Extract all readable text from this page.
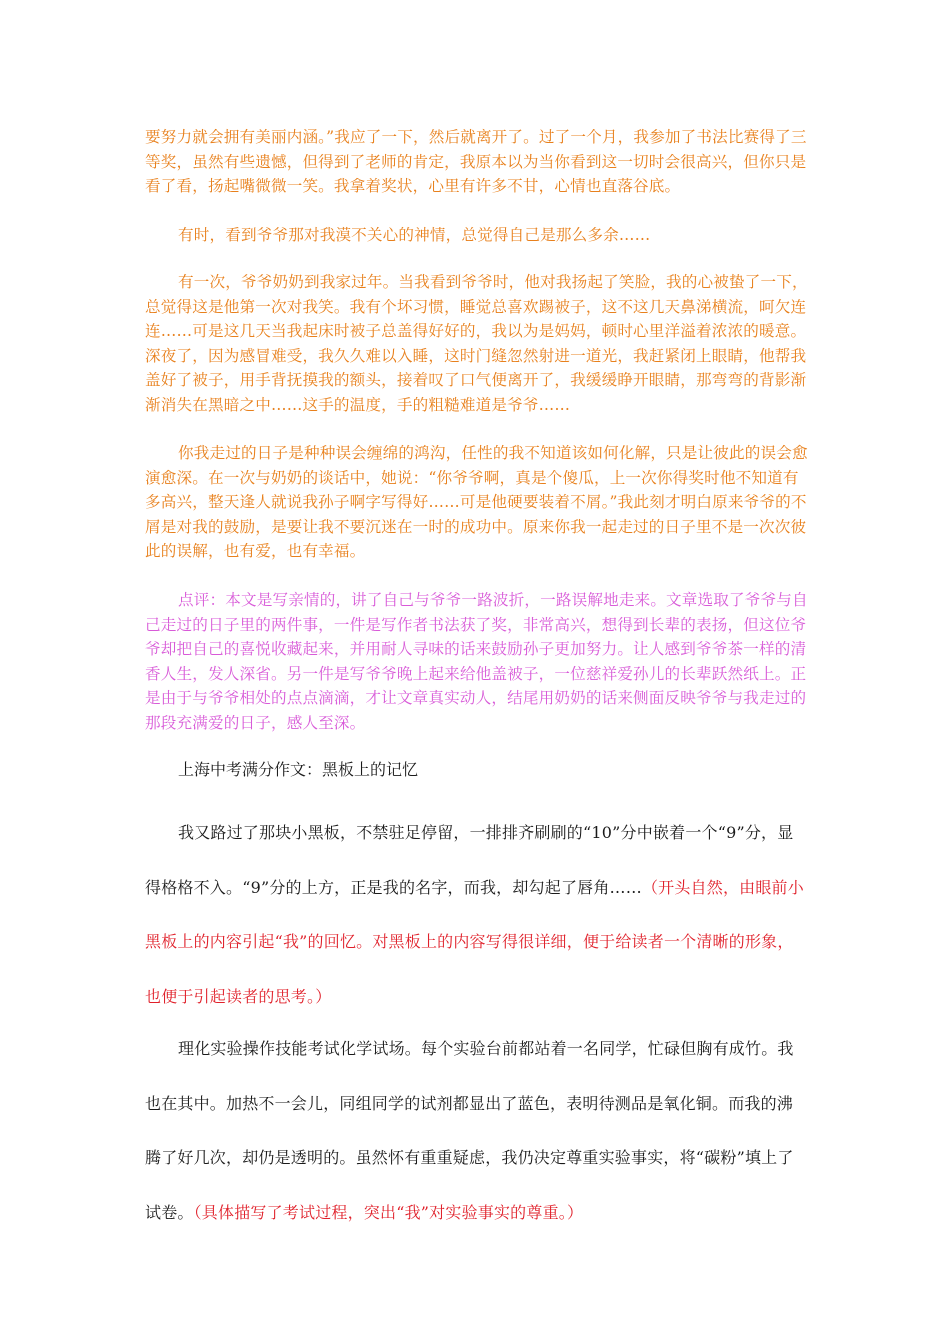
要努力就会拥有美丽内涵。”我应了一下，然后就离开了。过了一个月，我参加了书法比赛得了三等奖，虽然有些遗憾，但得到了老师的肯定，我原本以为当你看到这一切时会很高兴，但你只是看了看，扬起嘴微微一笑。我拿着奖状，心里有许多不甘，心情也直落谷底。

有时，看到爷爷那对我漠不关心的神情，总觉得自己是那么多余……

有一次，爷爷奶奶到我家过年。当我看到爷爷时，他对我扬起了笑脸，我的心被蛰了一下，总觉得这是他第一次对我笑。我有个坏习惯，睡觉总喜欢踢被子，这不这几天鼻涕横流，呵欠连连……可是这几天当我起床时被子总盖得好好的，我以为是妈妈，顿时心里洋溢着浓浓的暖意。深夜了，因为感冒难受，我久久难以入睡，这时门缝忽然射进一道光，我赶紧闭上眼睛，他帮我盖好了被子，用手背抚摸我的额头，接着叹了口气便离开了，我缓缓睁开眼睛，那弯弯的背影渐渐消失在黑暗之中……这手的温度，手的粗糙难道是爷爷……

你我走过的日子是种种误会缠绵的鸿沟，任性的我不知道该如何化解，只是让彼此的误会愈演愈深。在一次与奶奶的谈话中，她说：“你爷爷啊，真是个傻瓜，上一次你得奖时他不知道有多高兴，整天逢人就说我孙子啊字写得好……可是他硬要装着不屑。”我此刻才明白原来爷爷的不屑是对我的鼓励，是要让我不要沉迷在一时的成功中。原来你我一起走过的日子里不是一次次彼此的误解，也有爱，也有幸福。

点评：本文是写亲情的，讲了自己与爷爷一路波折，一路误解地走来。文章选取了爷爷与自己走过的日子里的两件事，一件是写作者书法获了奖，非常高兴，想得到长辈的表扬，但这位爷爷却把自己的喜悦收藏起来，并用耐人寻味的话来鼓励孙子更加努力。让人感到爷爷茶一样的清香人生，发人深省。另一件是写爷爷晚上起来给他盖被子，一位慈祥爱孙儿的长辈跃然纸上。正是由于与爷爷相处的点点滴滴，才让文章真实动人，结尾用奶奶的话来侧面反映爷爷与我走过的那段充满爱的日子，感人至深。

上海中考满分作文：黑板上的记忆

我又路过了那块小黑板，不禁驻足停留，一排排齐刷刷的“10”分中嵌着一个“9”分，显得格格不入。“9”分的上方，正是我的名字，而我，却勾起了唇角……（开头自然，由眼前小黑板上的内容引起“我”的回忆。对黑板上的内容写得很详细，便于给读者一个清晰的形象，也便于引起读者的思考。）

理化实验操作技能考试化学试场。每个实验台前都站着一名同学，忙碌但胸有成竹。我也在其中。加热不一会儿，同组同学的试剂都显出了蓝色，表明待测品是氧化铜。而我的沸腾了好几次，却仍是透明的。虽然怀有重重疑虑，我仍决定尊重实验事实，将“碳粉”填上了试卷。（具体描写了考试过程，突出“我”对实验事实的尊重。）
